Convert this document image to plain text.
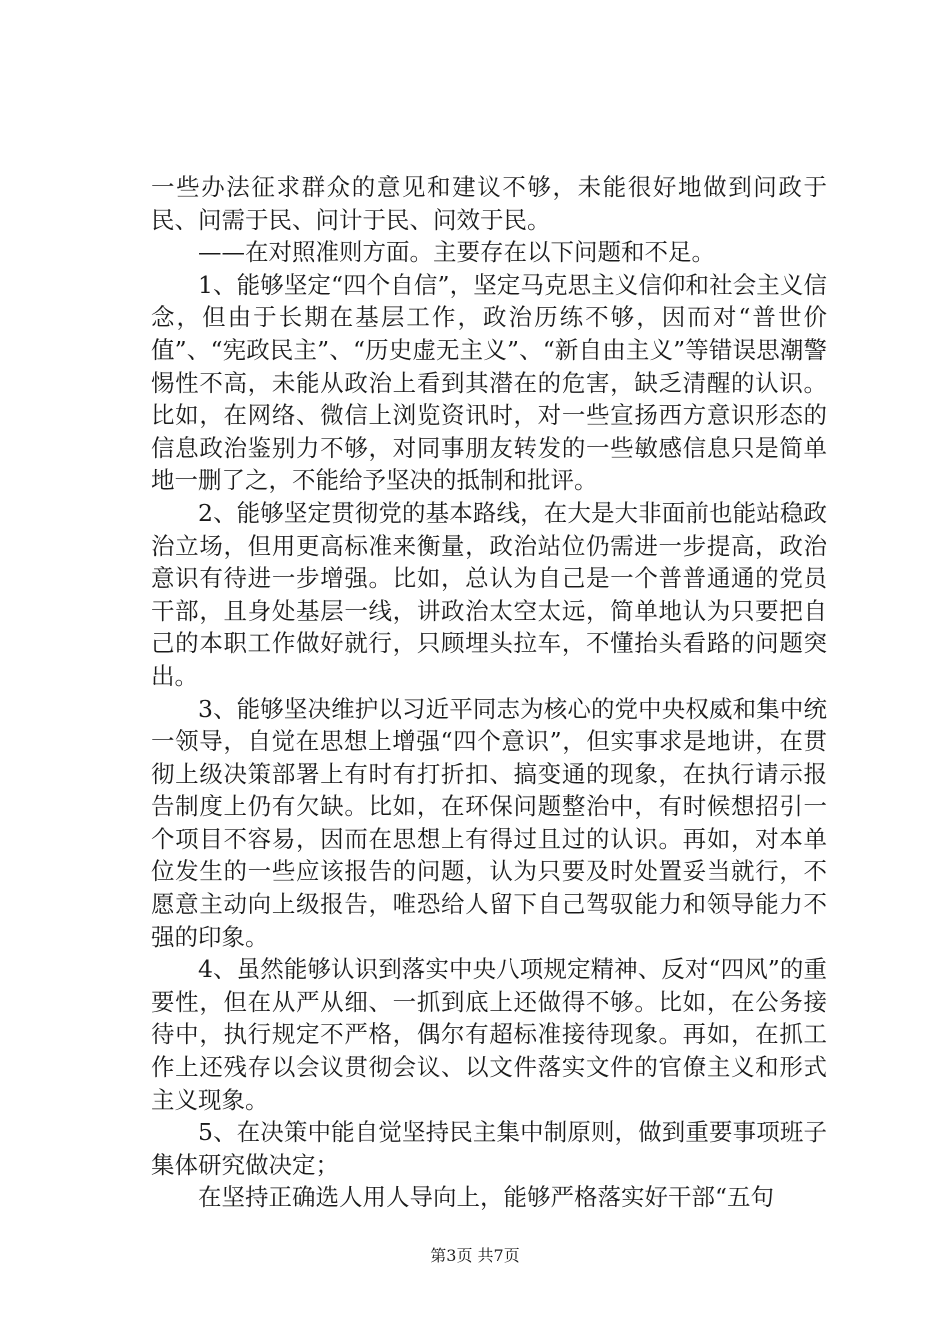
一些办法征求群众的意见和建议不够，未能很好地做到问政于民、问需于民、问计于民、问效于民。

——在对照准则方面。主要存在以下问题和不足。

1、能够坚定“四个自信”，坚定马克思主义信仰和社会主义信念，但由于长期在基层工作，政治历练不够，因而对“普世价值”、“宪政民主”、“历史虚无主义”、“新自由主义”等错误思潮警惕性不高，未能从政治上看到其潜在的危害，缺乏清醒的认识。比如，在网络、微信上浏览资讯时，对一些宣扬西方意识形态的信息政治鉴别力不够，对同事朋友转发的一些敏感信息只是简单地一删了之，不能给予坚决的抵制和批评。

2、能够坚定贯彻党的基本路线，在大是大非面前也能站稳政治立场，但用更高标准来衡量，政治站位仍需进一步提高，政治意识有待进一步增强。比如，总认为自己是一个普普通通的党员干部，且身处基层一线，讲政治太空太远，简单地认为只要把自己的本职工作做好就行，只顾埋头拉车，不懂抬头看路的问题突出。

3、能够坚决维护以习近平同志为核心的党中央权威和集中统一领导，自觉在思想上增强“四个意识”，但实事求是地讲，在贯彻上级决策部署上有时有打折扣、搞变通的现象，在执行请示报告制度上仍有欠缺。比如，在环保问题整治中，有时候想招引一个项目不容易，因而在思想上有得过且过的认识。再如，对本单位发生的一些应该报告的问题，认为只要及时处置妥当就行，不愿意主动向上级报告，唯恐给人留下自己驾驭能力和领导能力不强的印象。

4、虽然能够认识到落实中央八项规定精神、反对“四风”的重要性，但在从严从细、一抓到底上还做得不够。比如，在公务接待中，执行规定不严格，偶尔有超标准接待现象。再如，在抓工作上还残存以会议贯彻会议、以文件落实文件的官僚主义和形式主义现象。

5、在决策中能自觉坚持民主集中制原则，做到重要事项班子集体研究做决定；

在坚持正确选人用人导向上，能够严格落实好干部“五句

第3页 共7页
